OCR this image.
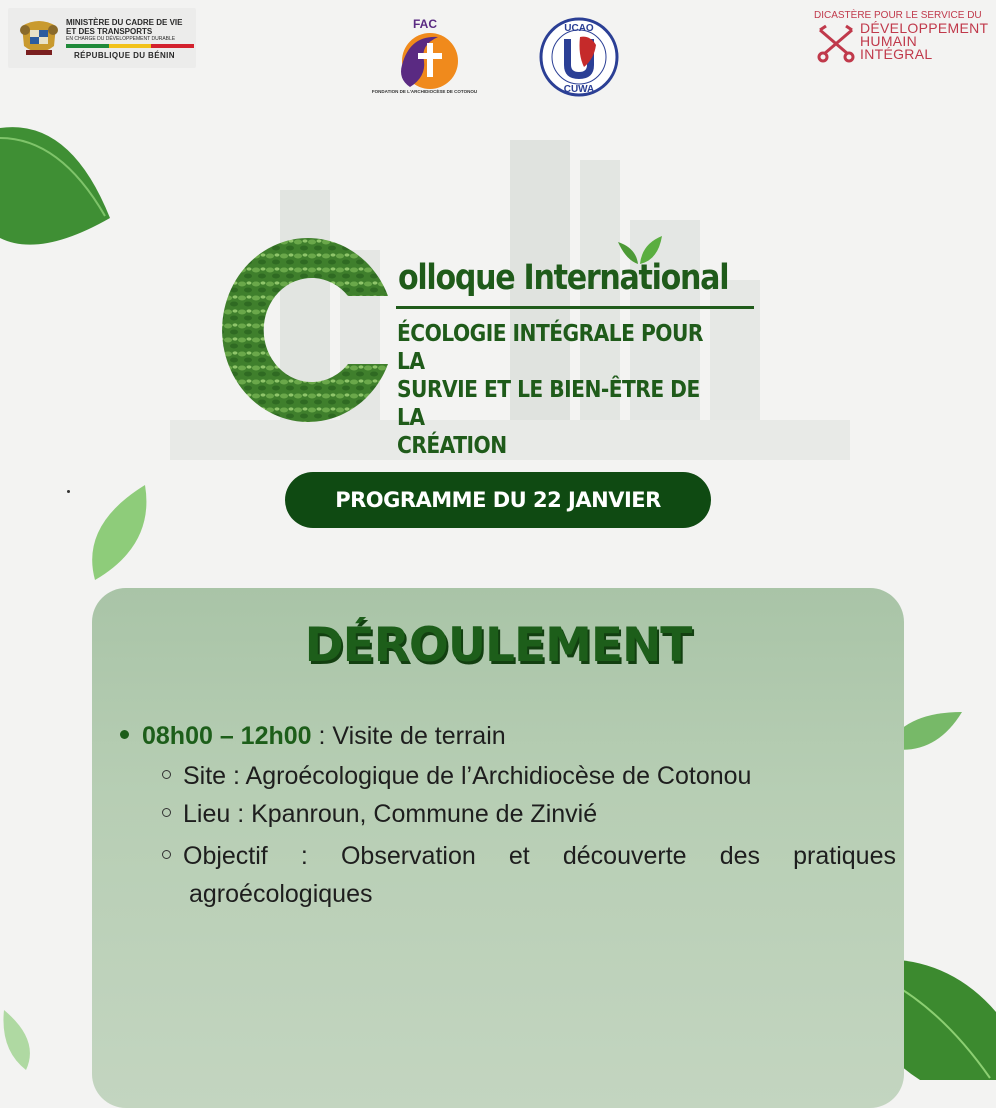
MINISTÈRE DU CADRE DE VIE
ET DES TRANSPORTS
EN CHARGE DU DÉVELOPPEMENT DURABLE
RÉPUBLIQUE DU BÉNIN
FAC
FONDATION DE L'ARCHIDIOCÈSE DE COTONOU
UCAO
CUWA
DICASTÈRE POUR LE SERVICE DU
DÉVELOPPEMENT
HUMAIN
INTÉGRAL
olloque International
ÉCOLOGIE INTÉGRALE POUR LA
SURVIE ET LE BIEN-ÊTRE DE LA
CRÉATION
PROGRAMME DU 22 JANVIER
DÉROULEMENT
08h00 – 12h00 : Visite de terrain
Site : Agroécologique de l’Archidiocèse de Cotonou
Lieu : Kpanroun, Commune de Zinvié
Objectif : Observation et découverte des pratiques
agroécologiques
